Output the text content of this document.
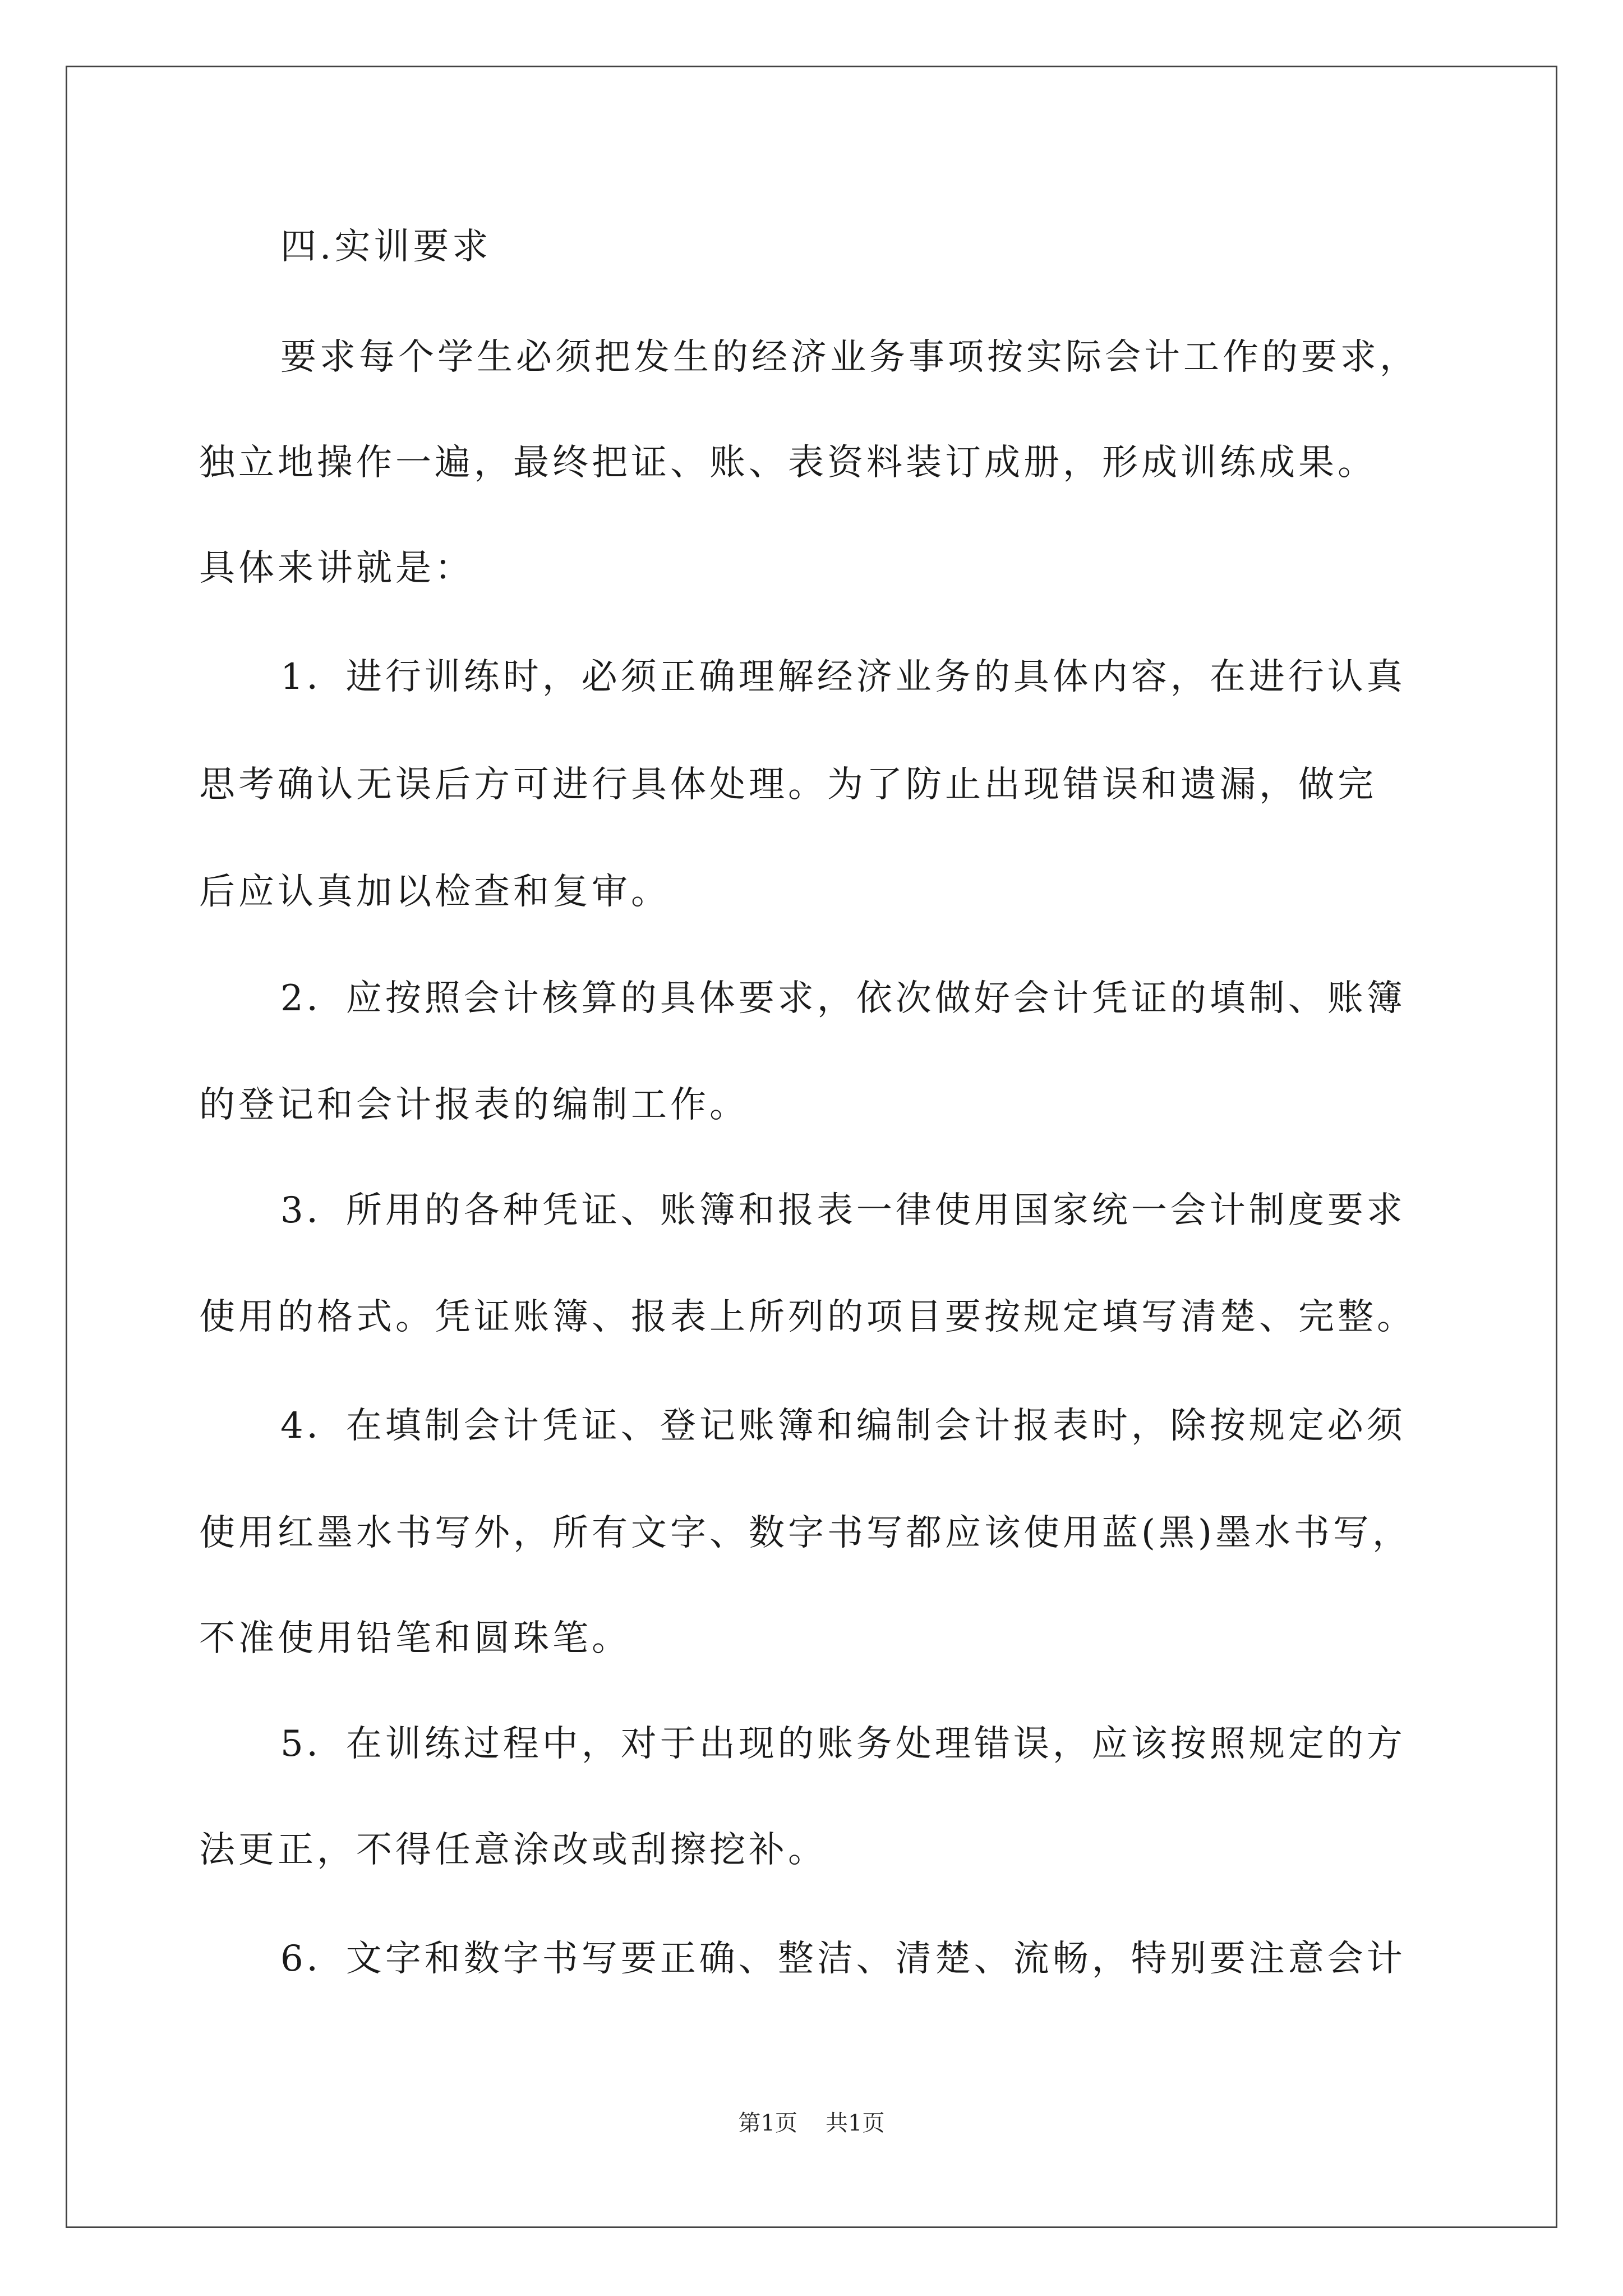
四.实训要求
要求每个学生必须把发生的经济业务事项按实际会计工作的要求，
独立地操作一遍，最终把证、账、表资料装订成册，形成训练成果。
具体来讲就是：
1．进行训练时，必须正确理解经济业务的具体内容，在进行认真
思考确认无误后方可进行具体处理。为了防止出现错误和遗漏，做完
后应认真加以检查和复审。
2．应按照会计核算的具体要求，依次做好会计凭证的填制、账簿
的登记和会计报表的编制工作。
3．所用的各种凭证、账簿和报表一律使用国家统一会计制度要求
使用的格式。凭证账簿、报表上所列的项目要按规定填写清楚、完整。
4．在填制会计凭证、登记账簿和编制会计报表时，除按规定必须
使用红墨水书写外，所有文字、数字书写都应该使用蓝(黑)墨水书写，
不准使用铅笔和圆珠笔。
5．在训练过程中，对于出现的账务处理错误，应该按照规定的方
法更正，不得任意涂改或刮擦挖补。
6．文字和数字书写要正确、整洁、清楚、流畅，特别要注意会计
第1页 共1页
